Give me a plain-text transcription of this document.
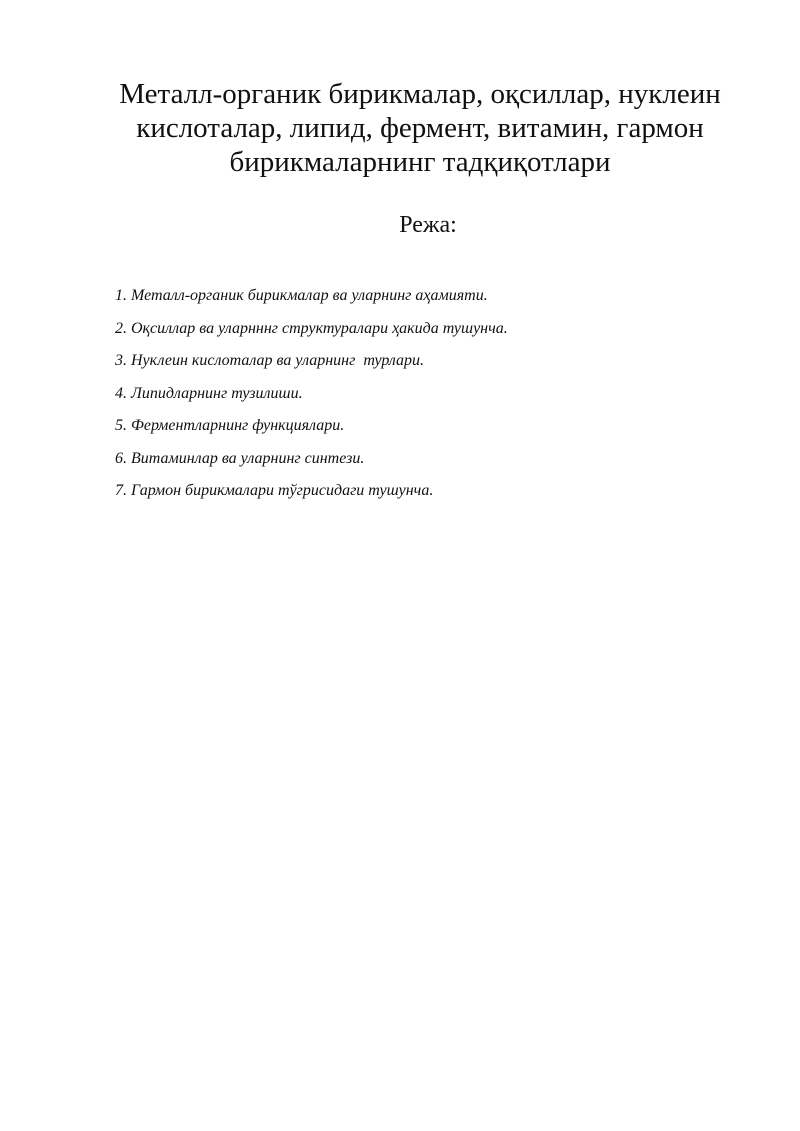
Металл-органик бирикмалар, оқсиллар, нуклеин
кислоталар, липид, фермент, витамин, гармон
бирикмаларнинг тадқиқотлари

Режа:

1. Металл-органик бирикмалар ва уларнинг аҳамияти.
2. Оқсиллар ва уларнннг структуралари ҳакида тушунча.
3. Нуклеин кислоталар ва уларнинг  турлари.
4. Липидларнинг тузилиши.
5. Ферментларнинг функциялари.
6. Витаминлар ва уларнинг синтези.
7. Гармон бирикмалари тўгрисидаги тушунча.
